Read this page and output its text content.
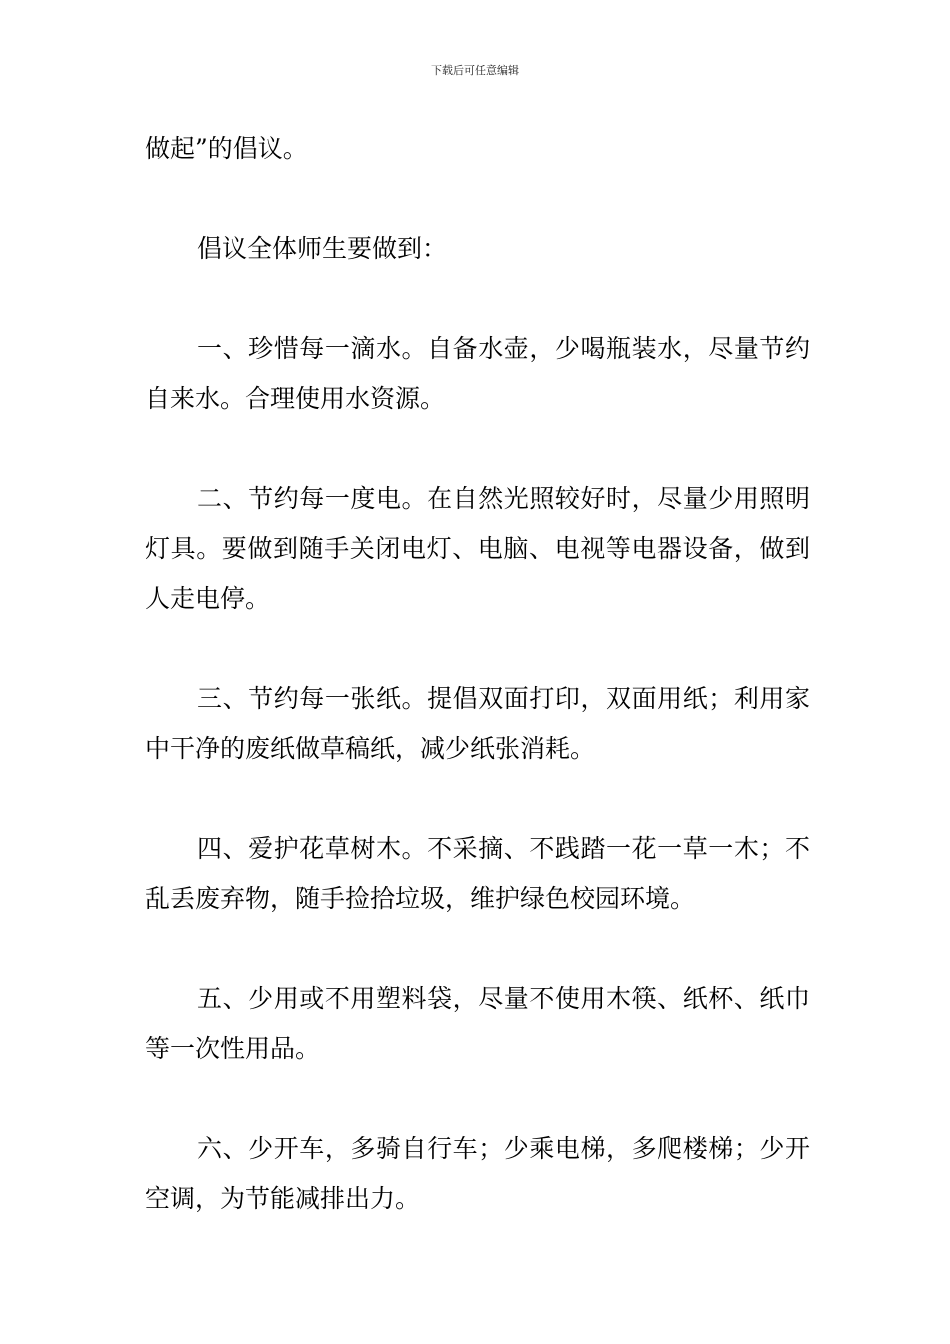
下载后可任意编辑

做起”的倡议。

倡议全体师生要做到：

一、珍惜每一滴水。自备水壶，少喝瓶装水，尽量节约自来水。合理使用水资源。

二、节约每一度电。在自然光照较好时，尽量少用照明灯具。要做到随手关闭电灯、电脑、电视等电器设备，做到人走电停。

三、节约每一张纸。提倡双面打印，双面用纸；利用家中干净的废纸做草稿纸，减少纸张消耗。

四、爱护花草树木。不采摘、不践踏一花一草一木；不乱丢废弃物，随手捡拾垃圾，维护绿色校园环境。

五、少用或不用塑料袋，尽量不使用木筷、纸杯、纸巾等一次性用品。

六、少开车，多骑自行车；少乘电梯，多爬楼梯；少开空调，为节能减排出力。
